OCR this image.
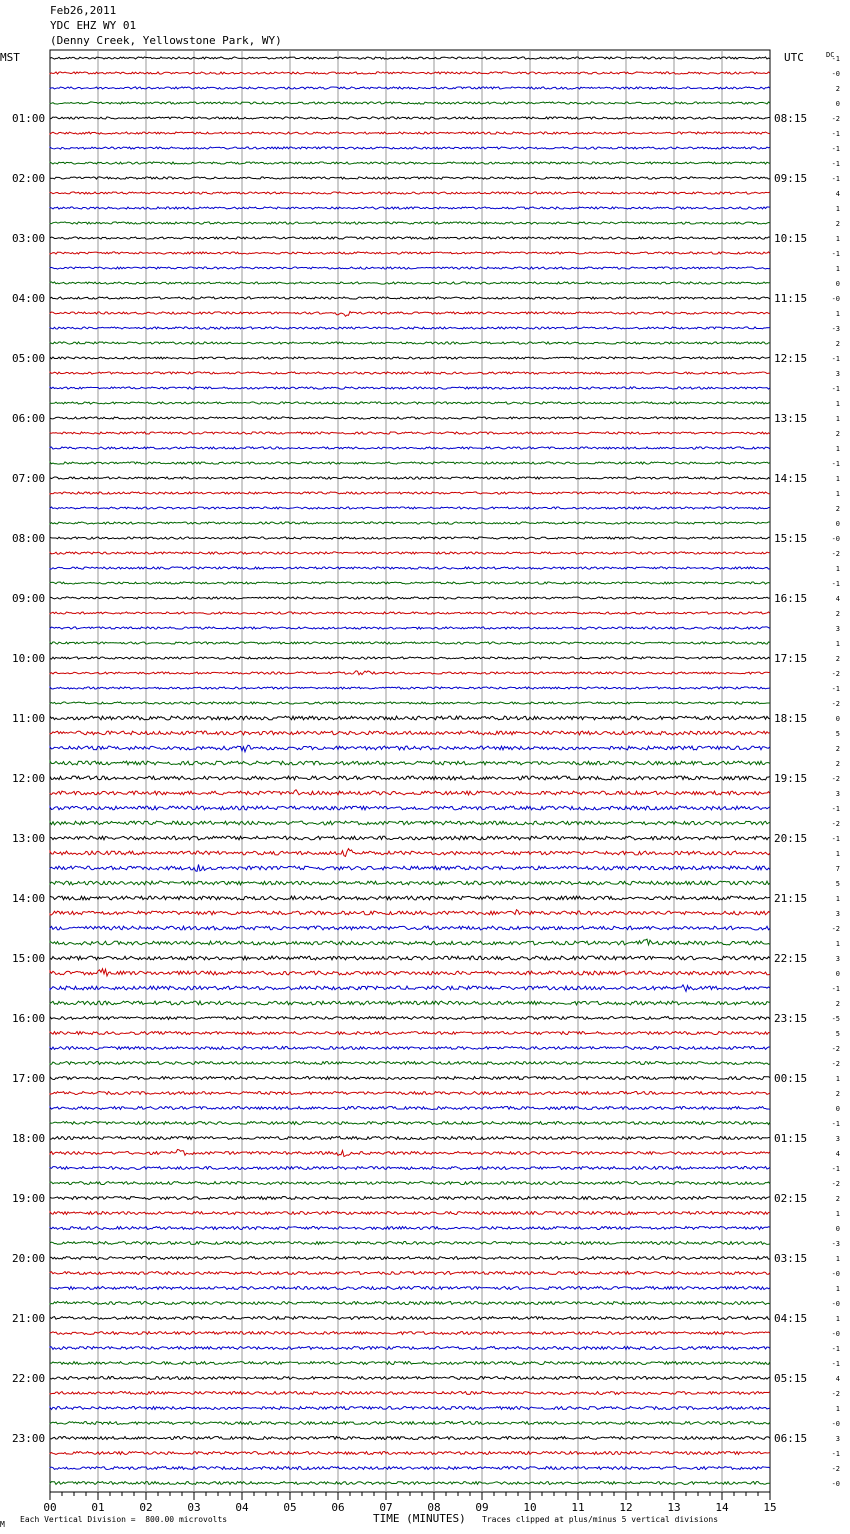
Feb26,2011
YDC EHZ WY 01
(Denny Creek, Yellowstone Park, WY)
-1
-0
2
0
-2
-1
-1
-1
-1
4
1
2
1
-1
1
0
-0
1
-3
2
-1
3
-1
1
1
2
1
-1
1
1
2
0
-0
-2
1
-1
4
2
3
1
2
-2
-1
-2
0
5
2
2
-2
3
-1
-2
-1
1
7
5
1
3
-2
1
3
0
-1
2
-5
5
-2
-2
1
2
0
-1
3
4
-1
-2
2
1
0
-3
1
-0
1
-0
1
-0
-1
-1
4
-2
1
-0
3
-1
-2
-0
DC
MST	UTC
01:00	08:15
02:00	09:15
03:00	10:15
04:00	11:15
05:00	12:15
06:00	13:15
07:00	14:15
08:00	15:15
09:00	16:15
10:00	17:15
11:00	18:15
12:00	19:15
13:00	20:15
14:00	21:15
15:00	22:15
16:00	23:15
17:00	00:15
18:00	01:15
19:00	02:15
20:00	03:15
21:00	04:15
22:00	05:15
23:00	06:15
00	01	02	03	04	05	06	07	08	09	10	11	12	13	14	15
M
Each Vertical Division =  800.00 microvolts	TIME (MINUTES) Traces clipped at plus/minus 5 vertical divisions
